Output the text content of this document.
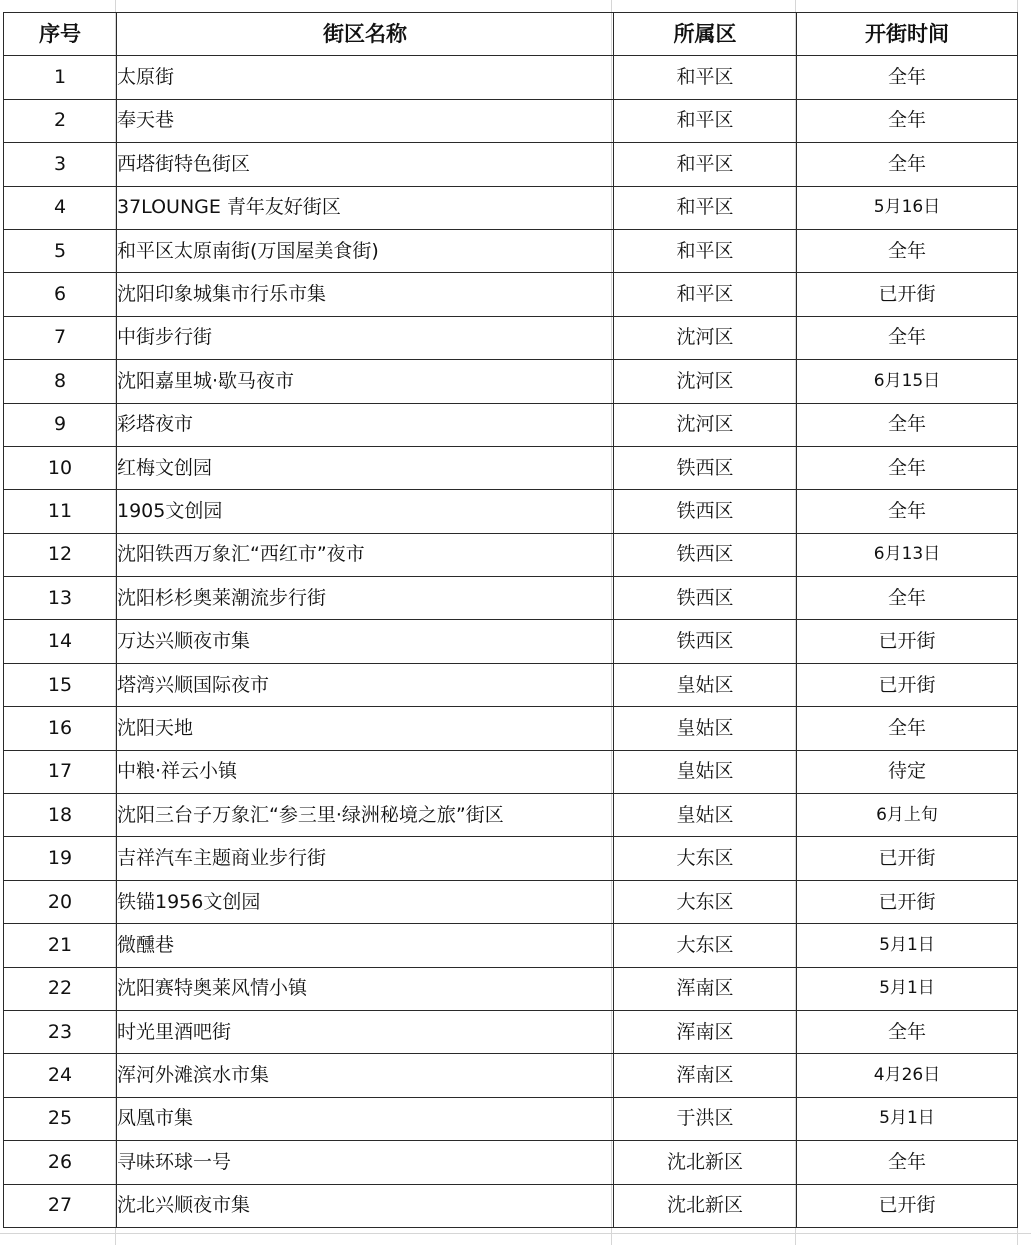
序号	街区名称	所属区	开街时间
1	太原街	和平区	全年
2	奉天巷	和平区	全年
3	西塔街特色街区	和平区	全年
4	37LOUNGE 青年友好街区	和平区	5月16日
5	和平区太原南街(万国屋美食街)	和平区	全年
6	沈阳印象城集市行乐市集	和平区	已开街
7	中街步行街	沈河区	全年
8	沈阳嘉里城·歇马夜市	沈河区	6月15日
9	彩塔夜市	沈河区	全年
10	红梅文创园	铁西区	全年
11	1905文创园	铁西区	全年
12	沈阳铁西万象汇“西红市”夜市	铁西区	6月13日
13	沈阳杉杉奥莱潮流步行街	铁西区	全年
14	万达兴顺夜市集	铁西区	已开街
15	塔湾兴顺国际夜市	皇姑区	已开街
16	沈阳天地	皇姑区	全年
17	中粮·祥云小镇	皇姑区	待定
18	沈阳三台子万象汇“参三里·绿洲秘境之旅”街区	皇姑区	6月上旬
19	吉祥汽车主题商业步行街	大东区	已开街
20	铁锚1956文创园	大东区	已开街
21	微醺巷	大东区	5月1日
22	沈阳赛特奥莱风情小镇	浑南区	5月1日
23	时光里酒吧街	浑南区	全年
24	浑河外滩滨水市集	浑南区	4月26日
25	凤凰市集	于洪区	5月1日
26	寻味环球一号	沈北新区	全年
27	沈北兴顺夜市集	沈北新区	已开街
